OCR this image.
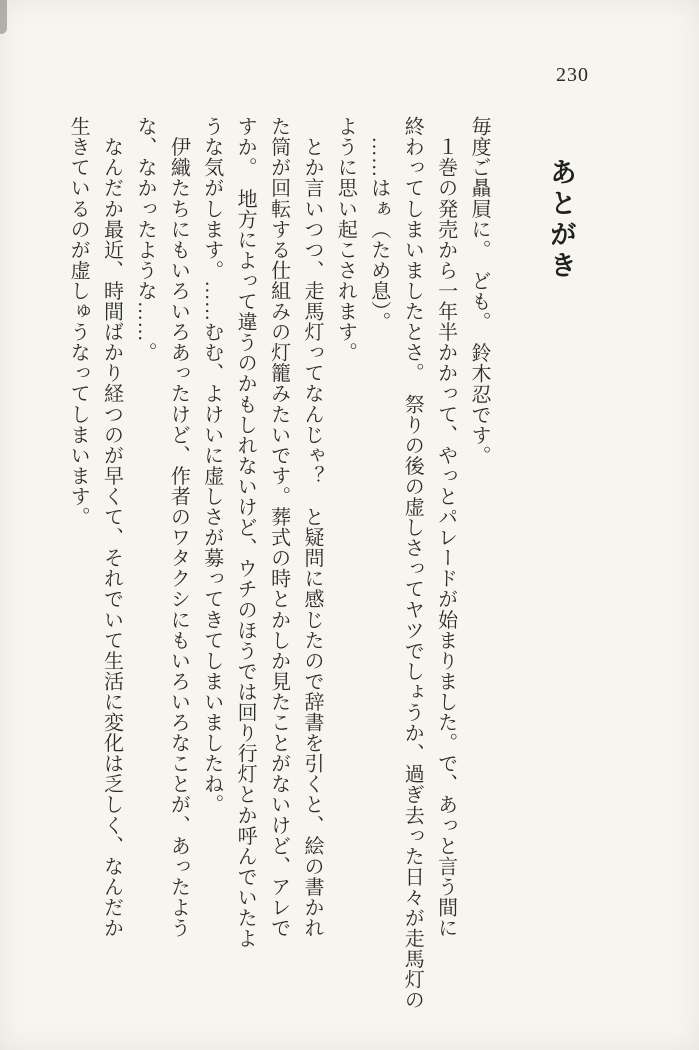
230
あとがき

毎度ご贔屓に。　ども。　鈴木忍です。

　１巻の発売から一年半かかって、やっとパレードが始まりました。で、あっと言う間に

終わってしまいましたとさ。　祭りの後の虚しさってヤツでしょうか、過ぎ去った日々が走馬灯の

　……はぁ（ため息）。

ように思い起こされます。

　とか言いつつ、走馬灯ってなんじゃ？　と疑問に感じたので辞書を引くと、絵の書かれ

た筒が回転する仕組みの灯籠みたいです。葬式の時とかしか見たことがないけど、アレで

すか。　地方によって違うのかもしれないけど、ウチのほうでは回り行灯とか呼んでいたよ

うな気がします。……むむ、よけいに虚しさが募ってきてしまいましたね。

　伊織たちにもいろいろあったけど、作者のワタクシにもいろいろなことが、あったよう

な、なかったような……。

　なんだか最近、時間ばかり経つのが早くて、それでいて生活に変化は乏しく、なんだか

生きているのが虚しゅうなってしまいます。
